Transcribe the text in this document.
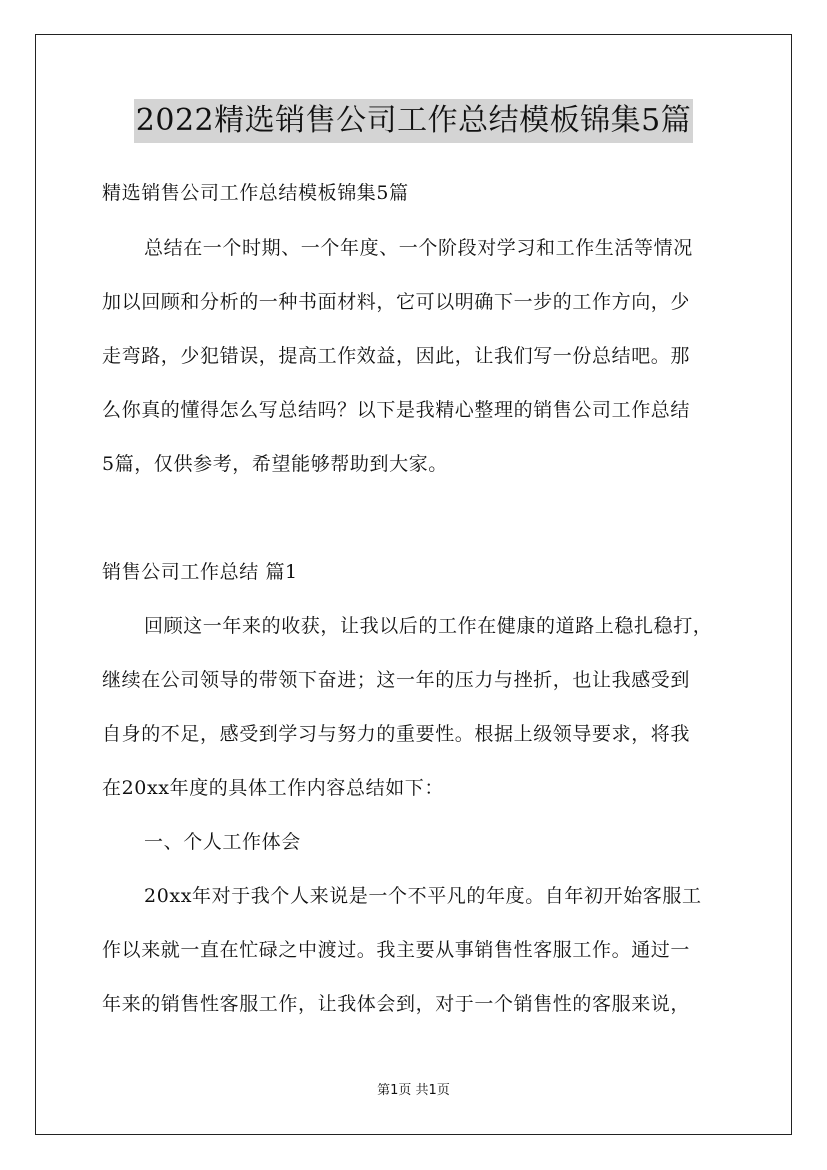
2022精选销售公司工作总结模板锦集5篇
精选销售公司工作总结模板锦集5篇
总结在一个时期、一个年度、一个阶段对学习和工作生活等情况
加以回顾和分析的一种书面材料，它可以明确下一步的工作方向，少
走弯路，少犯错误，提高工作效益，因此，让我们写一份总结吧。那
么你真的懂得怎么写总结吗？以下是我精心整理的销售公司工作总结
5篇，仅供参考，希望能够帮助到大家。
销售公司工作总结 篇1
回顾这一年来的收获，让我以后的工作在健康的道路上稳扎稳打，
继续在公司领导的带领下奋进；这一年的压力与挫折，也让我感受到
自身的不足，感受到学习与努力的重要性。根据上级领导要求，将我
在20xx年度的具体工作内容总结如下：
一、个人工作体会
20xx年对于我个人来说是一个不平凡的年度。自年初开始客服工
作以来就一直在忙碌之中渡过。我主要从事销售性客服工作。通过一
年来的销售性客服工作，让我体会到，对于一个销售性的客服来说，
第1页 共1页
